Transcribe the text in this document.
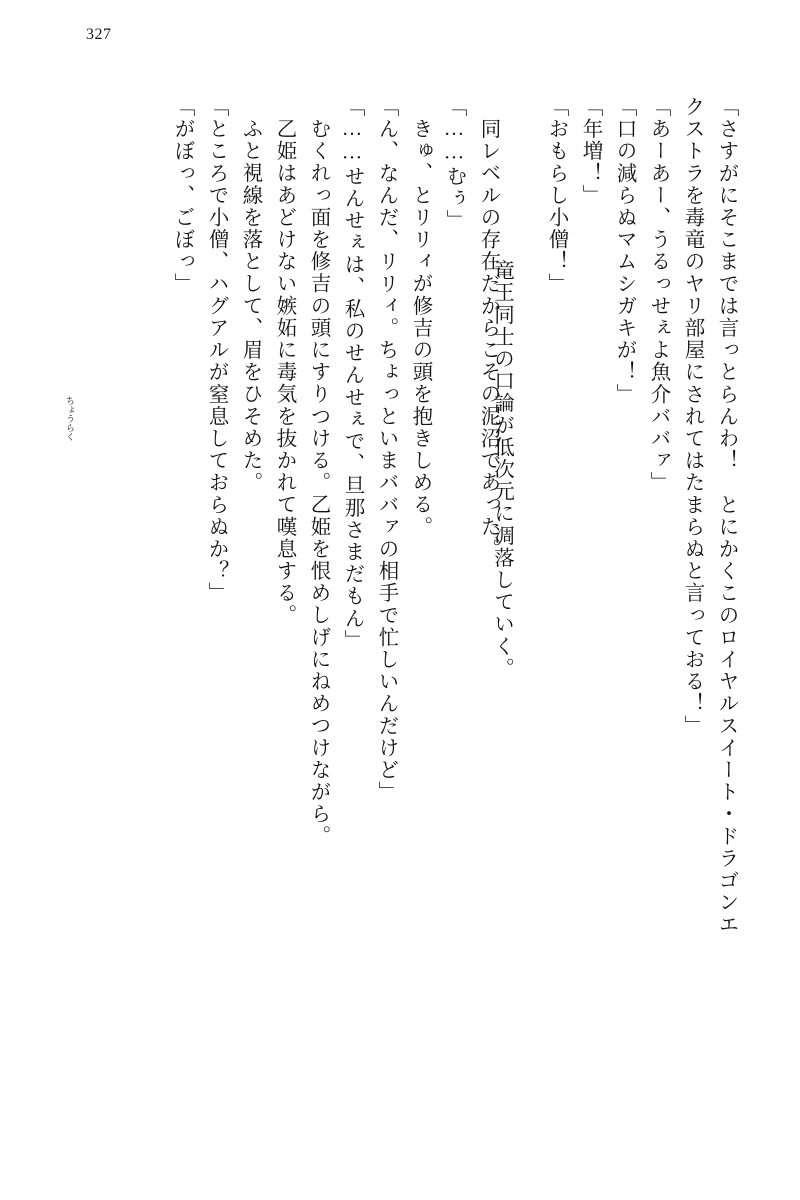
327
「さすがにそこまでは言っとらんわ！　とにかくこのロイヤルスイート・ドラゴンエ
クストラを毒竜のヤリ部屋にされてはたまらぬと言っておる！」
「あーあー、うるっせぇよ魚介ババァ」
「口の減らぬマムシガキが！」
「年増！」
「おもらし小僧！」

竜王同士の口論が低次元に凋落していく。

ちょうらく

	同レベルの存在だからこその泥沼であった。
「……むぅ」
きゅ、とリリィが修吉の頭を抱きしめる。
「ん、なんだ、リリィ。ちょっといまババァの相手で忙しいんだけど」
「……せんせぇは、私のせんせぇで、旦那さまだもん」
むくれっ面を修吉の頭にすりつける。乙姫を恨めしげにねめつけながら。
乙姫はあどけない嫉妬に毒気を抜かれて嘆息する。
ふと視線を落として、眉をひそめた。
「ところで小僧、ハグアルが窒息しておらぬか？」
「がぼっ、ごぼっ」
